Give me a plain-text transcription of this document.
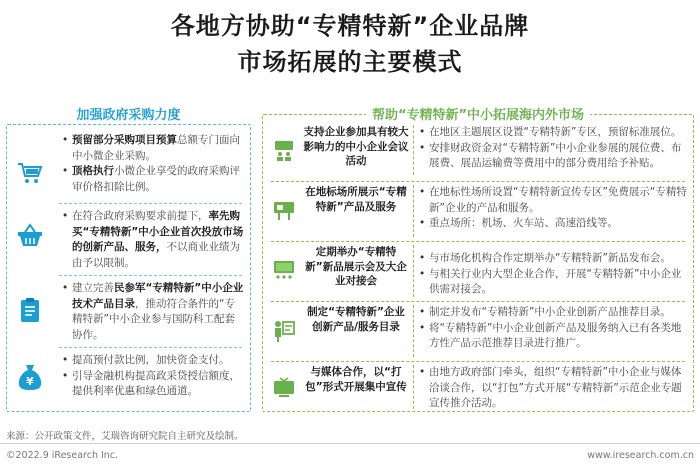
各地方协助“专精特新”企业品牌
市场拓展的主要模式
加强政府采购力度

• 预留部分采购项目预算总额专门面向中小微企业采购。

• 顶格执行小微企业享受的政府采购评审价格扣除比例。

• 在符合政府采购要求前提下，率先购买“专精特新”中小企业首次投放市场的创新产品、服务，不以商业业绩为由予以限制。

• 建立完善民参军“专精特新”中小企业技术产品目录，推动符合条件的“专精特新”中小企业参与国防科工配套协作。

¥

• 提高预付款比例，加快资金支付。

• 引导金融机构提高政采贷授信额度，提供利率优惠和绿色通道。

支持企业参加具有较大影响力的中小企业会议活动

• 在地区主题展区设置“专精特新”专区，预留标准展位。

• 安排财政资金对“专精特新”中小企业参展的展位费、布展费、展品运输费等费用中的部分费用给予补贴。

在地标场所展示“专精特新”产品及服务

• 在地标性场所设置“专精特新宣传专区”免费展示“专精特新”企业的产品和服务。

• 重点场所：机场、火车站、高速沿线等。

定期举办“专精特新”新品展示会及大企业对接会

• 与市场化机构合作定期举办“专精特新”新品发布会。

• 与相关行业内大型企业合作，开展“专精特新”中小企业供需对接会。

制定“专精特新”企业创新产品/服务目录

• 制定并发布“专精特新”中小企业创新产品推荐目录。

• 将“专精特新”中小企业创新产品及服务纳入已有各类地方性产品示范推荐目录进行推广。

与媒体合作，以“打包”形式开展集中宣传

• 由地方政府部门牵头，组织“专精特新”中小企业与媒体洽谈合作，以“打包”方式开展“专精特新”示范企业专题宣传推介活动。

帮助“专精特新”中小拓展海内外市场
来源：公开政策文件，艾瑞咨询研究院自主研究及绘制。
©2022.9 iResearch Inc.	www.iresearch.com.cn
